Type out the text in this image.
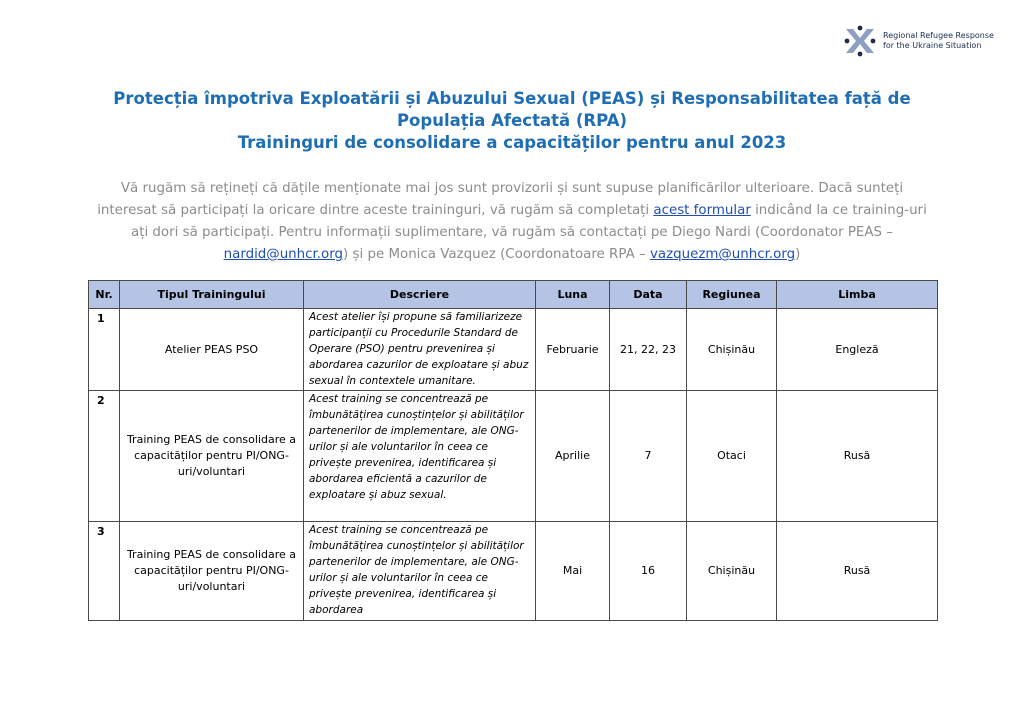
Regional Refugee Response
for the Ukraine Situation
Protecția împotriva Exploatării și Abuzului Sexual (PEAS) și Responsabilitatea față de
Populația Afectată (RPA)
Traininguri de consolidare a capacităților pentru anul 2023
Vă rugăm să rețineți că dățile menționate mai jos sunt provizorii și sunt supuse planificărilor ulterioare. Dacă sunteți interesat să participați la oricare dintre aceste traininguri, vă rugăm să completați acest formular indicând la ce training-uri ați dori să participați. Pentru informații suplimentare, vă rugăm să contactați pe Diego Nardi (Coordonator PEAS – nardid@unhcr.org) și pe Monica Vazquez (Coordonatoare RPA – vazquezm@unhcr.org)
Nr.	Tipul Trainingului	Descriere	Luna	Data	Regiunea	Limba
1	Atelier PEAS PSO	Acest atelier își propune să familiarizeze participanții cu Procedurile Standard de Operare (PSO) pentru prevenirea și abordarea cazurilor de exploatare și abuz sexual în contextele umanitare.	Februarie	21, 22, 23	Chișinău	Engleză
2	Training PEAS de consolidare a capacităților pentru PI/ONG-uri/voluntari	Acest training se concentrează pe îmbunătățirea cunoștințelor și abilităților partenerilor de implementare, ale ONG-urilor și ale voluntarilor în ceea ce privește prevenirea, identificarea și abordarea eficientă a cazurilor de exploatare și abuz sexual.	Aprilie	7	Otaci	Rusă
3	Training PEAS de consolidare a capacităților pentru PI/ONG-uri/voluntari	Acest training se concentrează pe îmbunătățirea cunoștințelor și abilităților partenerilor de implementare, ale ONG-urilor și ale voluntarilor în ceea ce privește prevenirea, identificarea și abordarea	Mai	16	Chișinău	Rusă
